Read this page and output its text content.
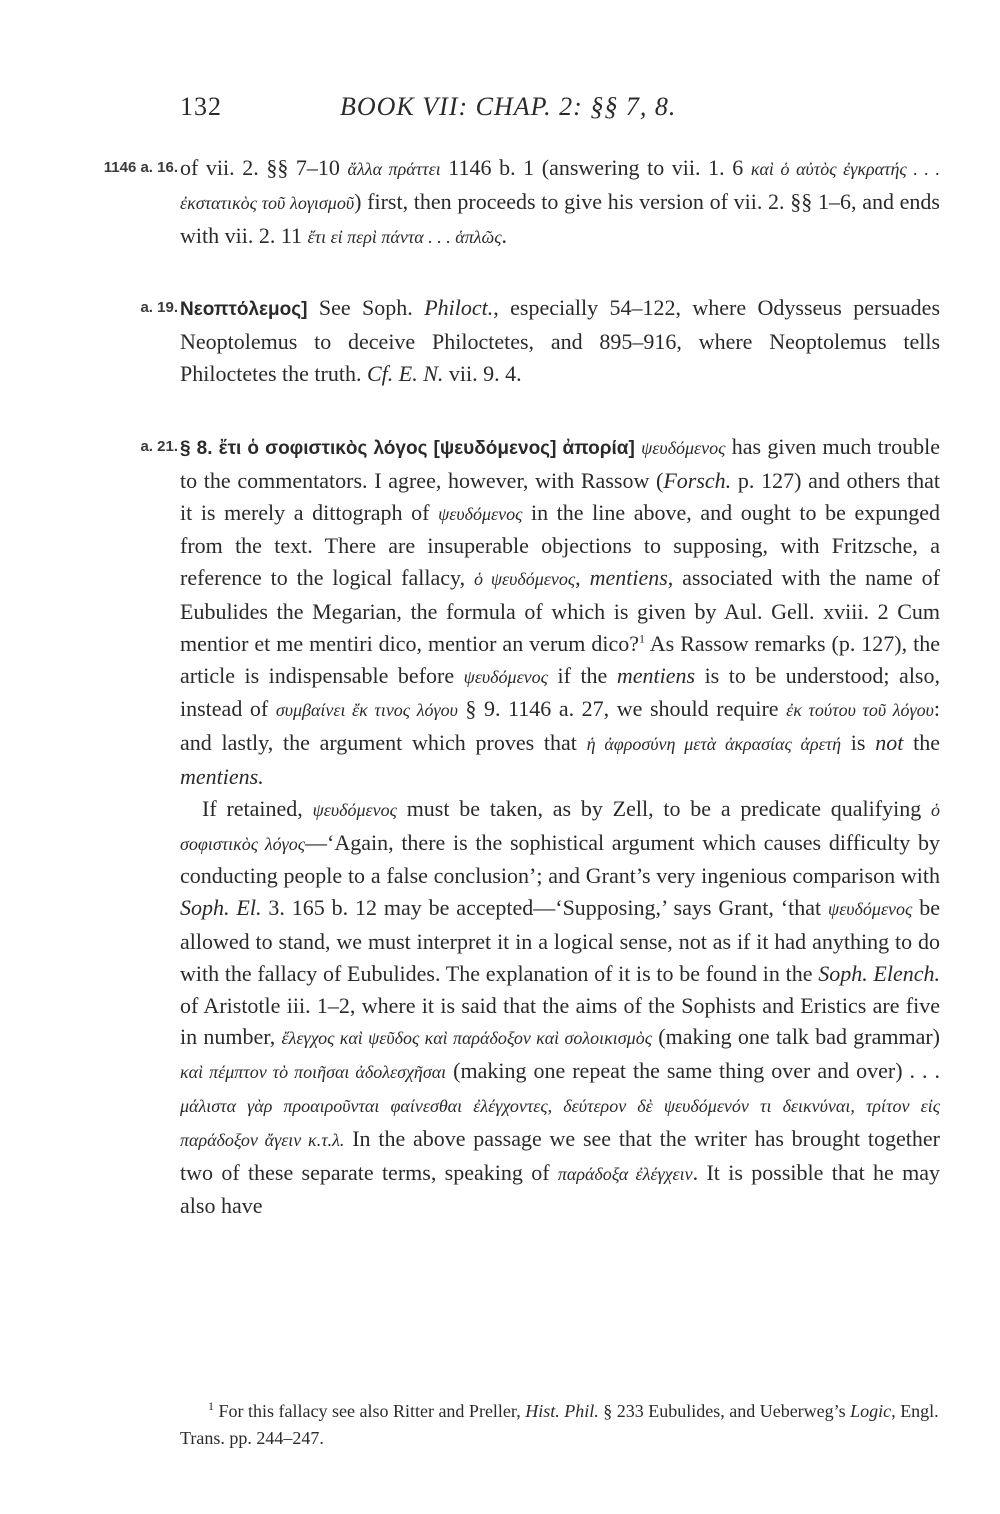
132	BOOK VII: CHAP. 2: §§ 7, 8.
1146 a. 16. of vii. 2. §§ 7–10 ἄλλα πράττει 1146 b. 1 (answering to vii. 1. 6 καὶ ὁ αὐτὸς ἐγκρατής . . . ἐκστατικὸς τοῦ λογισμοῦ) first, then proceeds to give his version of vii. 2. §§ 1–6, and ends with vii. 2. 11 ἔτι εἰ περὶ πάντα . . . ἁπλῶς.

a. 19. Νεοπτόλεμος] See Soph. Philoct., especially 54–122, where Odysseus persuades Neoptolemus to deceive Philoctetes, and 895–916, where Neoptolemus tells Philoctetes the truth. Cf. E. N. vii. 9. 4.

a. 21. § 8. ἔτι ὁ σοφιστικὸς λόγος [ψευδόμενος] ἀπορία] ψευδόμενος has given much trouble to the commentators. I agree, however, with Rassow (Forsch. p. 127) and others that it is merely a dittograph of ψευδόμενος in the line above, and ought to be expunged from the text. There are insuperable objections to supposing, with Fritzsche, a reference to the logical fallacy, ὁ ψευδόμενος, mentiens, associated with the name of Eubulides the Megarian, the formula of which is given by Aul. Gell. xviii. 2 Cum mentior et me mentiri dico, mentior an verum dico?$^1$ As Rassow remarks (p. 127), the article is indispensable before ψευδόμενος if the mentiens is to be understood; also, instead of συμβαίνει ἔκ τινος λόγου § 9. 1146 a. 27, we should require ἐκ τούτου τοῦ λόγου: and lastly, the argument which proves that ἡ ἀφροσύνη μετὰ ἀκρασίας ἀρετή is not the mentiens.

If retained, ψευδόμενος must be taken, as by Zell, to be a predicate qualifying ὁ σοφιστικὸς λόγος—‘Again, there is the sophistical argument which causes difficulty by conducting people to a false conclusion’; and Grant’s very ingenious comparison with Soph. El. 3. 165 b. 12 may be accepted—‘Supposing,’ says Grant, ‘that ψευδόμενος be allowed to stand, we must interpret it in a logical sense, not as if it had anything to do with the fallacy of Eubulides. The explanation of it is to be found in the Soph. Elench. of Aristotle iii. 1–2, where it is said that the aims of the Sophists and Eristics are five in number, ἔλεγχος καὶ ψεῦδος καὶ παράδοξον καὶ σολοικισμὸς (making one talk bad grammar) καὶ πέμπτον τὸ ποιῆσαι ἀδολεσχῆσαι (making one repeat the same thing over and over) . . . μάλιστα γὰρ προαιροῦνται φαίνεσθαι ἐλέγχοντες, δεύτερον δὲ ψευδόμενόν τι δεικνύναι, τρίτον εἰς παράδοξον ἄγειν κ.τ.λ. In the above passage we see that the writer has brought together two of these separate terms, speaking of παράδοξα ἐλέγχειν. It is possible that he may also have

$^1$ For this fallacy see also Ritter and Preller, Hist. Phil. § 233 Eubulides, and Ueberweg’s Logic, Engl. Trans. pp. 244–247.
